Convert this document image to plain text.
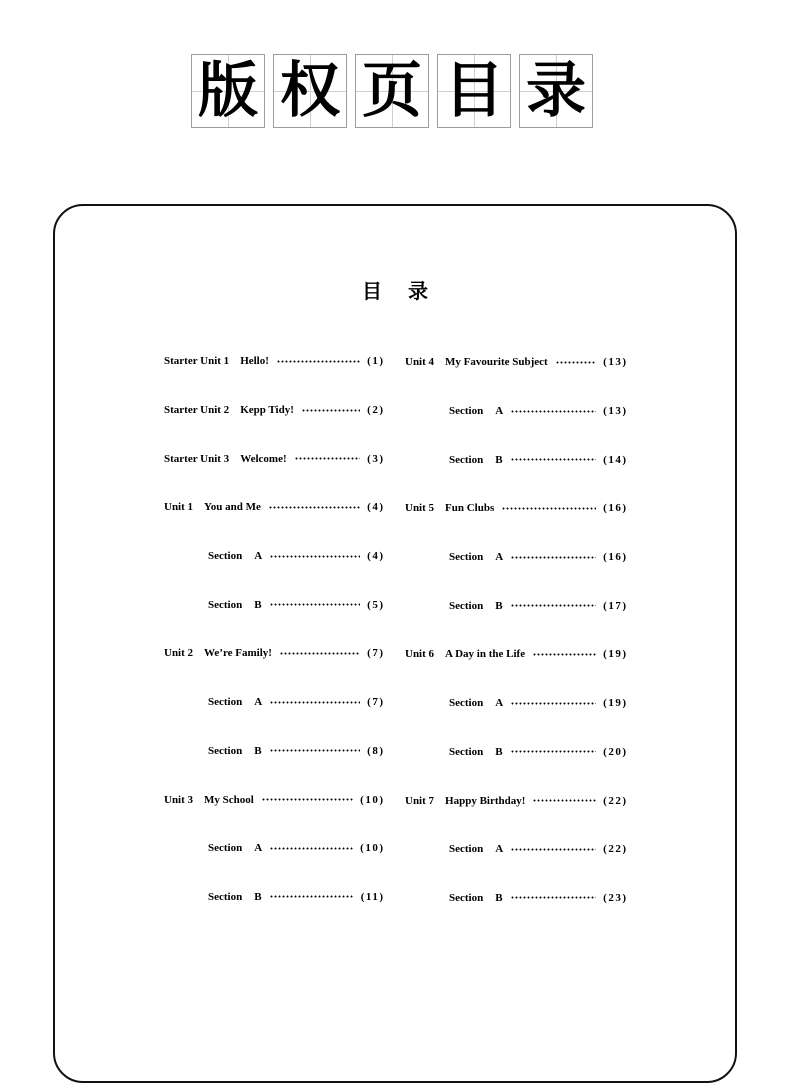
版 权 页 目 录
目 录
Starter Unit 1 Hello!	(1)
Starter Unit 2 Kepp Tidy!	(2)
Starter Unit 3 Welcome!	(3)
Unit 1 You and Me	(4)
Section A	(4)
Section B	(5)
Unit 2 We’re Family!	(7)
Section A	(7)
Section B	(8)
Unit 3 My School	(10)
Section A	(10)
Section B	(11)
Unit 4 My Favourite Subject	(13)
Section A	(13)
Section B	(14)
Unit 5 Fun Clubs	(16)
Section A	(16)
Section B	(17)
Unit 6 A Day in the Life	(19)
Section A	(19)
Section B	(20)
Unit 7 Happy Birthday!	(22)
Section A	(22)
Section B	(23)
